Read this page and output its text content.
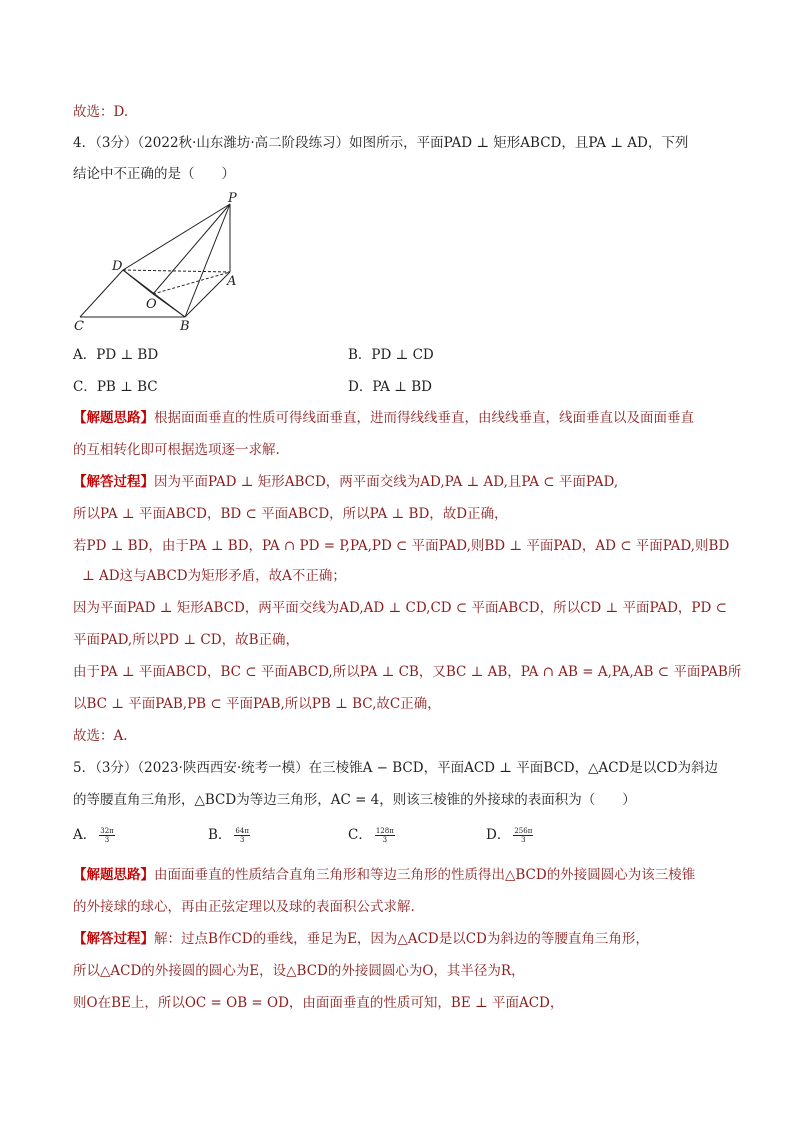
故选：D.
4．（3分）（2022秋·山东潍坊·高二阶段练习）如图所示，平面PAD ⊥ 矩形ABCD，且PA ⊥ AD，下列
结论中不正确的是（　　）
P
D
A
O
C	B
A．PD ⊥ BD	B．PD ⊥ CD
C．PB ⊥ BC	D．PA ⊥ BD
【解题思路】根据面面垂直的性质可得线面垂直，进而得线线垂直，由线线垂直，线面垂直以及面面垂直
的互相转化即可根据选项逐一求解.
【解答过程】因为平面PAD ⊥ 矩形ABCD，两平面交线为AD,PA ⊥ AD,且PA ⊂ 平面PAD,
所以PA ⊥ 平面ABCD，BD ⊂ 平面ABCD，所以PA ⊥ BD，故D正确，
若PD ⊥ BD，由于PA ⊥ BD，PA ∩ PD = P,PA,PD ⊂ 平面PAD,则BD ⊥ 平面PAD，AD ⊂ 平面PAD,则BD
⊥ AD这与ABCD为矩形矛盾，故A不正确；
因为平面PAD ⊥ 矩形ABCD，两平面交线为AD,AD ⊥ CD,CD ⊂ 平面ABCD，所以CD ⊥ 平面PAD，PD ⊂
平面PAD,所以PD ⊥ CD，故B正确，
由于PA ⊥ 平面ABCD，BC ⊂ 平面ABCD,所以PA ⊥ CB，又BC ⊥ AB，PA ∩ AB = A,PA,AB ⊂ 平面PAB所
以BC ⊥ 平面PAB,PB ⊂ 平面PAB,所以PB ⊥ BC,故C正确，
故选：A.
5．（3分）（2023·陕西西安·统考一模）在三棱锥A − BCD，平面ACD ⊥ 平面BCD，△ACD是以CD为斜边
的等腰直角三角形，△BCD为等边三角形，AC = 4，则该三棱锥的外接球的表面积为（　　）
A． $\frac{32\pi}{3}$	B． $\frac{64\pi}{3}$	C． $\frac{128\pi}{3}$	D． $\frac{256\pi}{3}$
【解题思路】由面面垂直的性质结合直角三角形和等边三角形的性质得出△BCD的外接圆圆心为该三棱锥
的外接球的球心，再由正弦定理以及球的表面积公式求解.
【解答过程】解：过点B作CD的垂线，垂足为E，因为△ACD是以CD为斜边的等腰直角三角形，
所以△ACD的外接圆的圆心为E，设△BCD的外接圆圆心为O，其半径为R，
则O在BE上，所以OC = OB = OD，由面面垂直的性质可知，BE ⊥ 平面ACD，
